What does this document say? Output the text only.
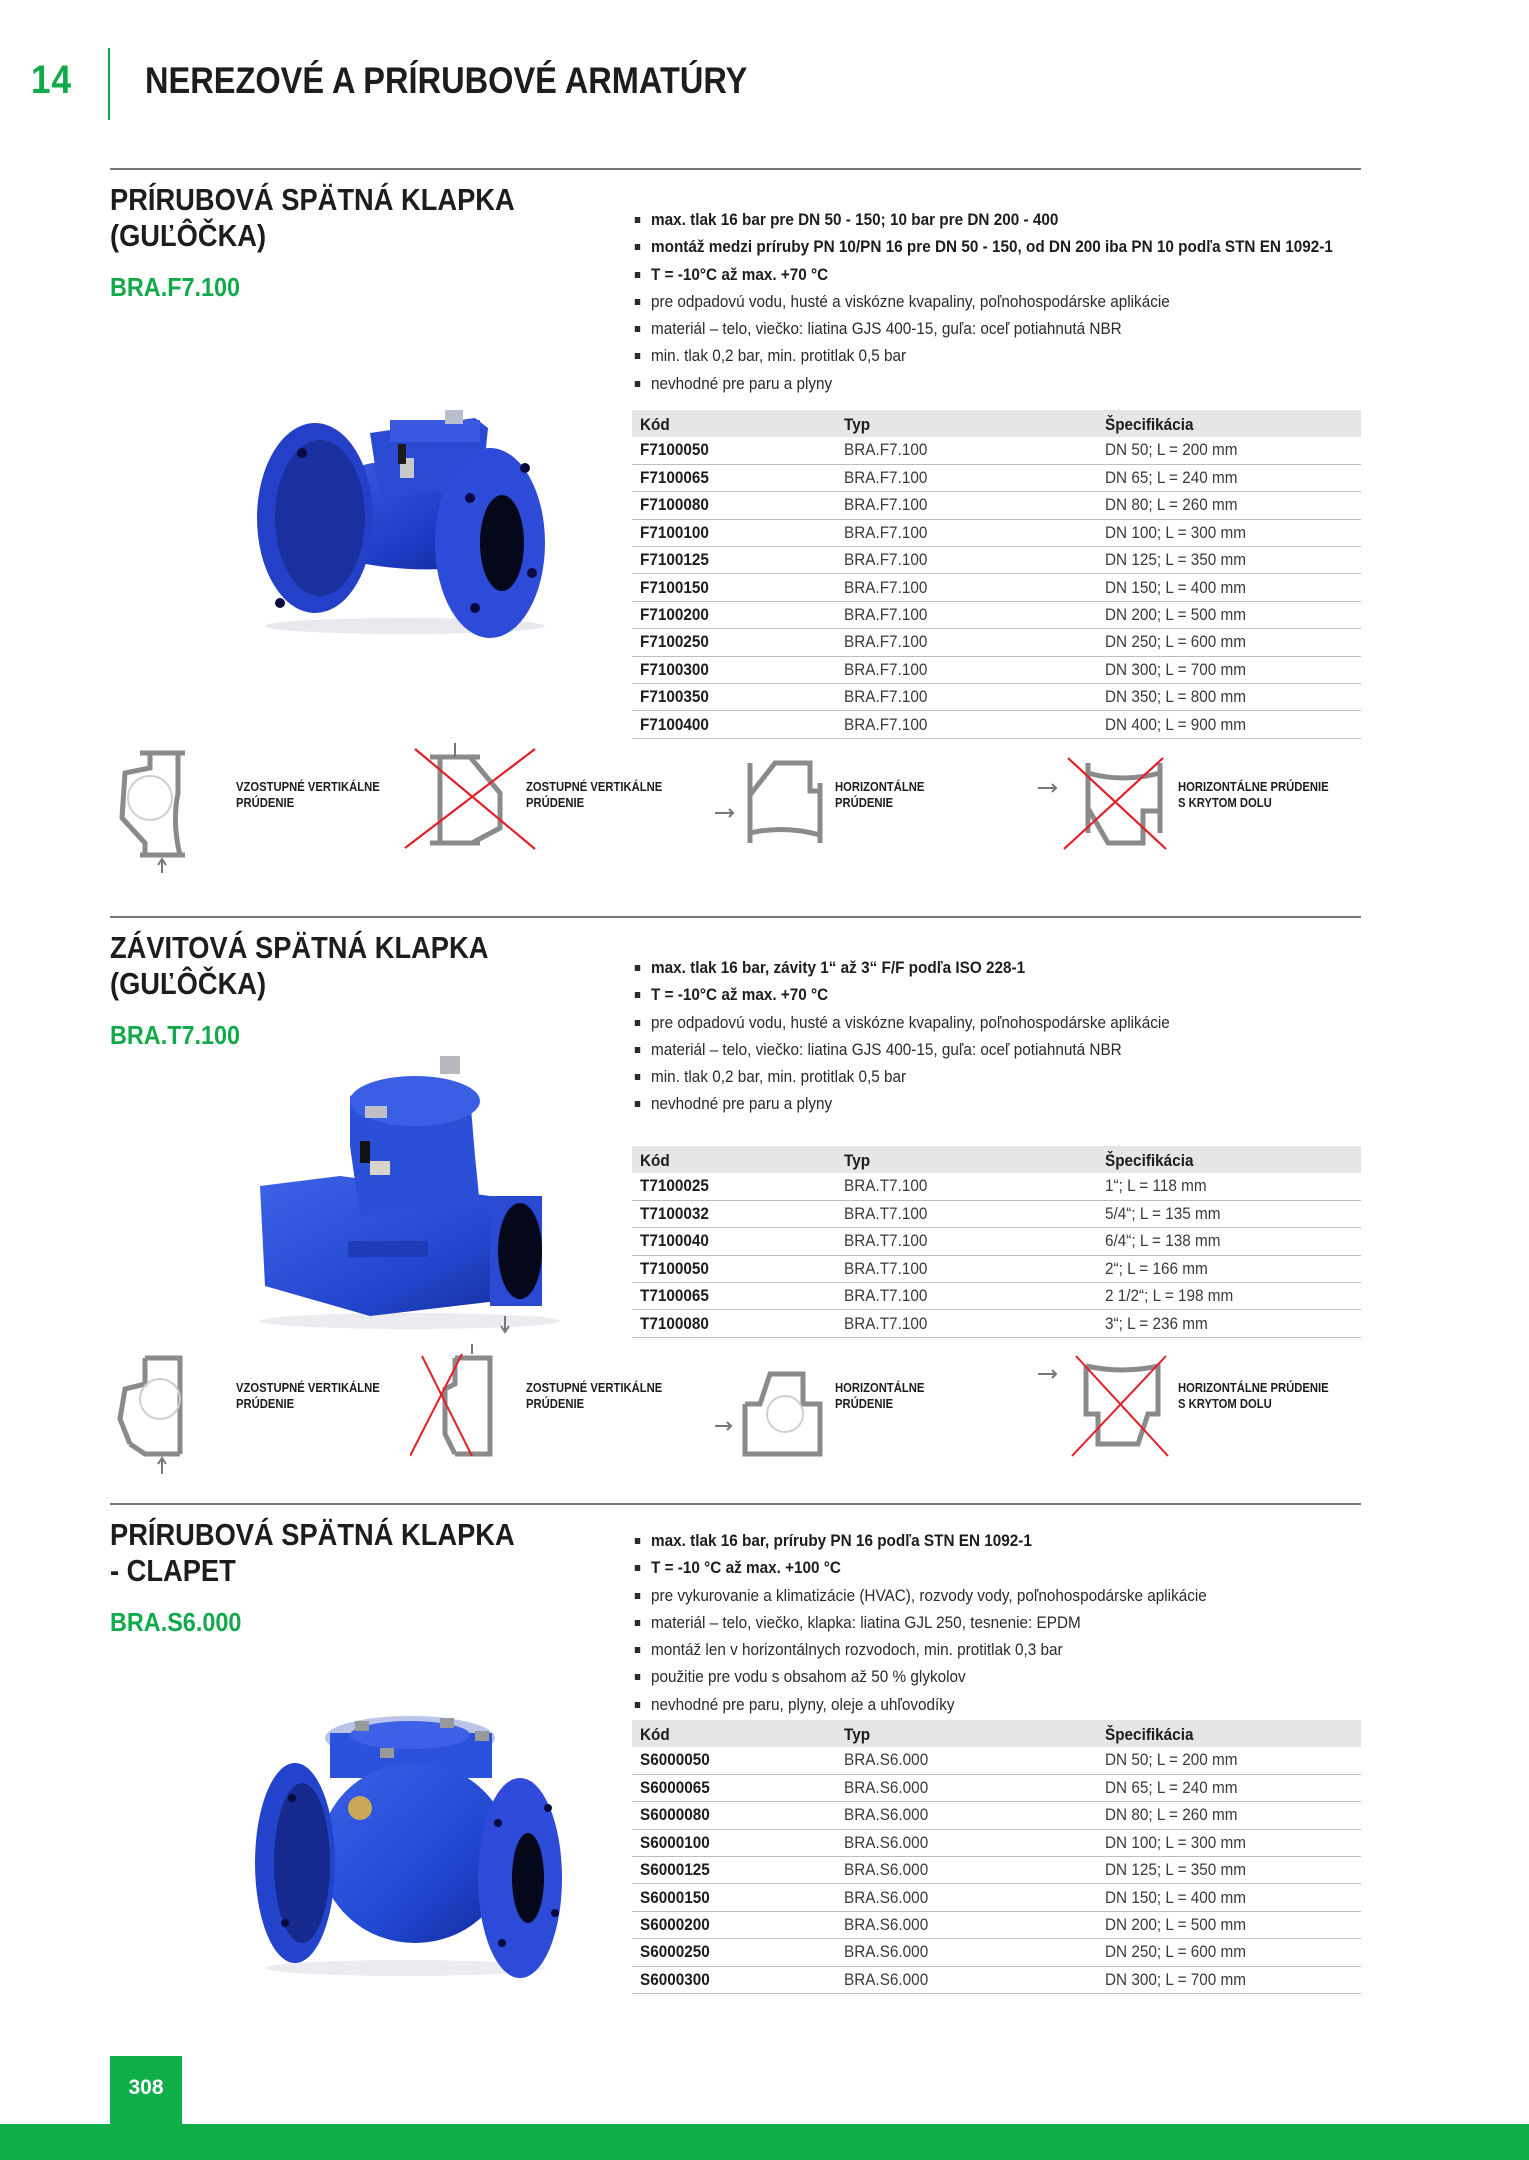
14 NEREZOVÉ A PRÍRUBOVÉ ARMATÚRY
PRÍRUBOVÁ SPÄTNÁ KLAPKA
(GUĽÔČKA)
BRA.F7.100
max. tlak 16 bar pre DN 50 - 150; 10 bar pre DN 200 - 400
montáž medzi príruby PN 10/PN 16 pre DN 50 - 150, od DN 200 iba PN 10 podľa STN EN 1092-1
T = -10°C až max. +70 °C
pre odpadovú vodu, husté a viskózne kvapaliny, poľnohospodárske aplikácie
materiál – telo, viečko: liatina GJS 400-15, guľa: oceľ potiahnutá NBR
min. tlak 0,2 bar, min. protitlak 0,5 bar
nevhodné pre paru a plyny
Kód	Typ	Špecifikácia
F7100050	BRA.F7.100	DN 50; L = 200 mm
F7100065	BRA.F7.100	DN 65; L = 240 mm
F7100080	BRA.F7.100	DN 80; L = 260 mm
F7100100	BRA.F7.100	DN 100; L = 300 mm
F7100125	BRA.F7.100	DN 125; L = 350 mm
F7100150	BRA.F7.100	DN 150; L = 400 mm
F7100200	BRA.F7.100	DN 200; L = 500 mm
F7100250	BRA.F7.100	DN 250; L = 600 mm
F7100300	BRA.F7.100	DN 300; L = 700 mm
F7100350	BRA.F7.100	DN 350; L = 800 mm
F7100400	BRA.F7.100	DN 400; L = 900 mm
VZOSTUPNÉ VERTIKÁLNE
PRÚDENIE
ZOSTUPNÉ VERTIKÁLNE
PRÚDENIE
HORIZONTÁLNE
PRÚDENIE
HORIZONTÁLNE PRÚDENIE
S KRYTOM DOLU
ZÁVITOVÁ SPÄTNÁ KLAPKA
(GUĽÔČKA)
BRA.T7.100
max. tlak 16 bar, závity 1“ až 3“ F/F podľa ISO 228-1
T = -10°C až max. +70 °C
pre odpadovú vodu, husté a viskózne kvapaliny, poľnohospodárske aplikácie
materiál – telo, viečko: liatina GJS 400-15, guľa: oceľ potiahnutá NBR
min. tlak 0,2 bar, min. protitlak 0,5 bar
nevhodné pre paru a plyny
Kód	Typ	Špecifikácia
T7100025	BRA.T7.100	1“; L = 118 mm
T7100032	BRA.T7.100	5/4“; L = 135 mm
T7100040	BRA.T7.100	6/4“; L = 138 mm
T7100050	BRA.T7.100	2“; L = 166 mm
T7100065	BRA.T7.100	2 1/2“; L = 198 mm
T7100080	BRA.T7.100	3“; L = 236 mm
VZOSTUPNÉ VERTIKÁLNE
PRÚDENIE
ZOSTUPNÉ VERTIKÁLNE
PRÚDENIE
HORIZONTÁLNE
PRÚDENIE
HORIZONTÁLNE PRÚDENIE
S KRYTOM DOLU
PRÍRUBOVÁ SPÄTNÁ KLAPKA
- CLAPET
BRA.S6.000
max. tlak 16 bar, príruby PN 16 podľa STN EN 1092-1
T = -10 °C až max. +100 °C
pre vykurovanie a klimatizácie (HVAC), rozvody vody, poľnohospodárske aplikácie
materiál – telo, viečko, klapka: liatina GJL 250, tesnenie: EPDM
montáž len v horizontálnych rozvodoch, min. protitlak 0,3 bar
použitie pre vodu s obsahom až 50 % glykolov
nevhodné pre paru, plyny, oleje a uhľovodíky
Kód	Typ	Špecifikácia
S6000050	BRA.S6.000	DN 50; L = 200 mm
S6000065	BRA.S6.000	DN 65; L = 240 mm
S6000080	BRA.S6.000	DN 80; L = 260 mm
S6000100	BRA.S6.000	DN 100; L = 300 mm
S6000125	BRA.S6.000	DN 125; L = 350 mm
S6000150	BRA.S6.000	DN 150; L = 400 mm
S6000200	BRA.S6.000	DN 200; L = 500 mm
S6000250	BRA.S6.000	DN 250; L = 600 mm
S6000300	BRA.S6.000	DN 300; L = 700 mm
308
